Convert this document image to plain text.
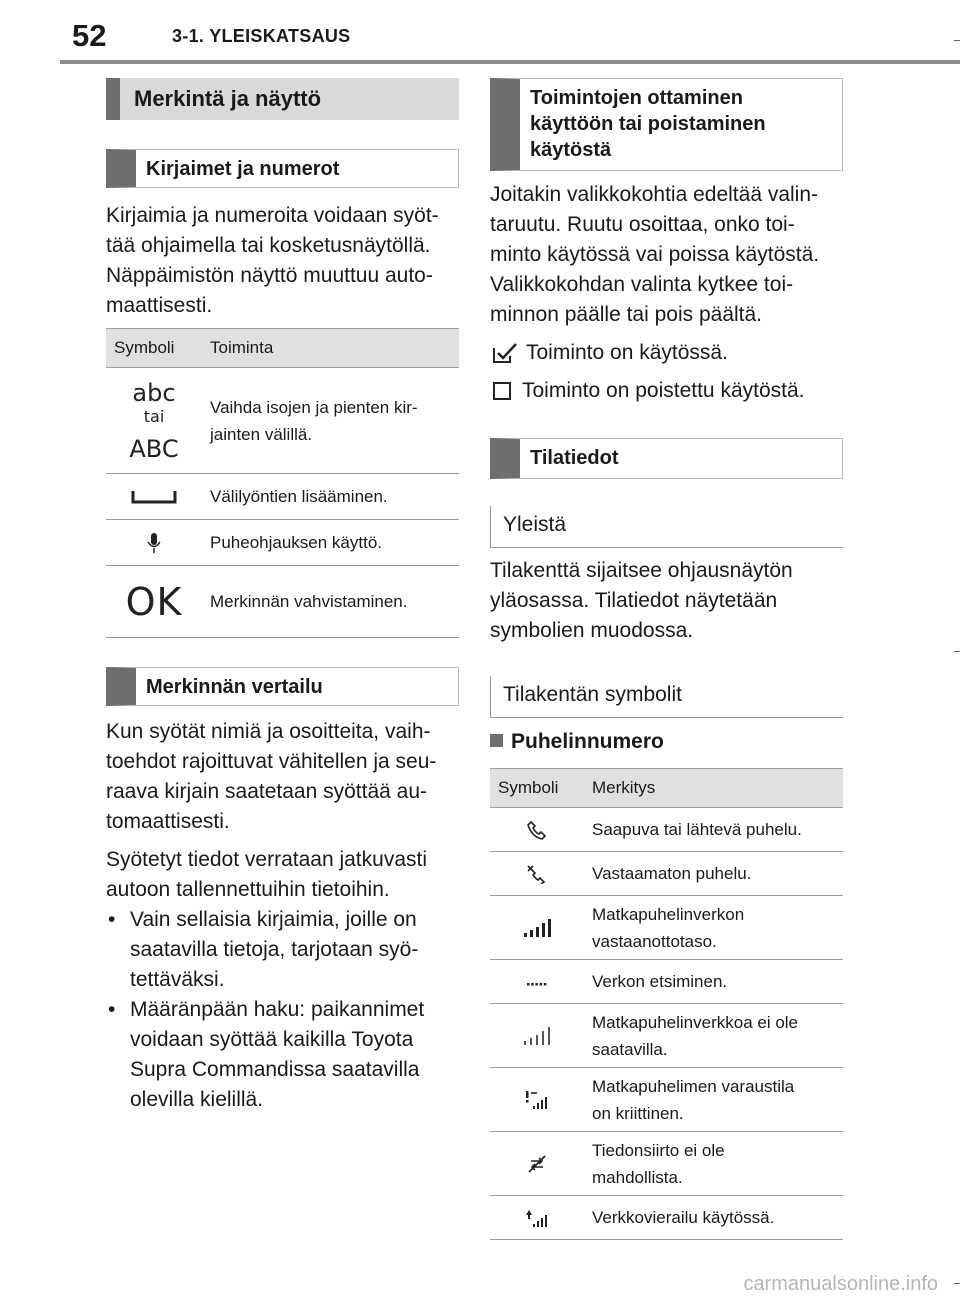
52	3-1. YLEISKATSAUS
Merkintä ja näyttö
Kirjaimet ja numerot

Kirjaimia ja numeroita voidaan syöt-
tää ohjaimella tai kosketusnäytöllä.
Näppäimistön näyttö muuttuu auto-
maattisesti.

Symboli	Toiminta

abc
tai
ABC	Vaihda isojen ja pienten kir-
jainten välillä.
	Välilyöntien lisääminen.
	Puheohjauksen käyttö.
OK	Merkinnän vahvistaminen.
Merkinnän vertailu

Kun syötät nimiä ja osoitteita, vaih-
toehdot rajoittuvat vähitellen ja seu-
raava kirjain saatetaan syöttää au-
tomaattisesti.

Syötetyt tiedot verrataan jatkuvasti
autoon tallennettuihin tietoihin.

• Vain sellaisia kirjaimia, joille on
saatavilla tietoja, tarjotaan syö-
tettäväksi.
• Määränpään haku: paikannimet
voidaan syöttää kaikilla Toyota
Supra Commandissa saatavilla
olevilla kielillä.
Toimintojen ottaminen
käyttöön tai poistaminen
käytöstä

Joitakin valikkokohtia edeltää valin-
taruutu. Ruutu osoittaa, onko toi-
minto käytössä vai poissa käytöstä.
Valikkokohdan valinta kytkee toi-
minnon päälle tai pois päältä.

Toiminto on käytössä.
Toiminto on poistettu käytöstä.
Tilatiedot
Yleistä

Tilakenttä sijaitsee ohjausnäytön
yläosassa. Tilatiedot näytetään
symbolien muodossa.

Tilakentän symbolit
Puhelinnumero
Symboli	Merkitys
	Saapuva tai lähtevä puhelu.
	Vastaamaton puhelu.
	Matkapuhelinverkon
vastaanottotaso.
	Verkon etsiminen.
	Matkapuhelinverkkoa ei ole
saatavilla.
	Matkapuhelimen varaustila
on kriittinen.
	Tiedonsiirto ei ole
mahdollista.
	Verkkovierailu käytössä.
carmanualsonline.info
